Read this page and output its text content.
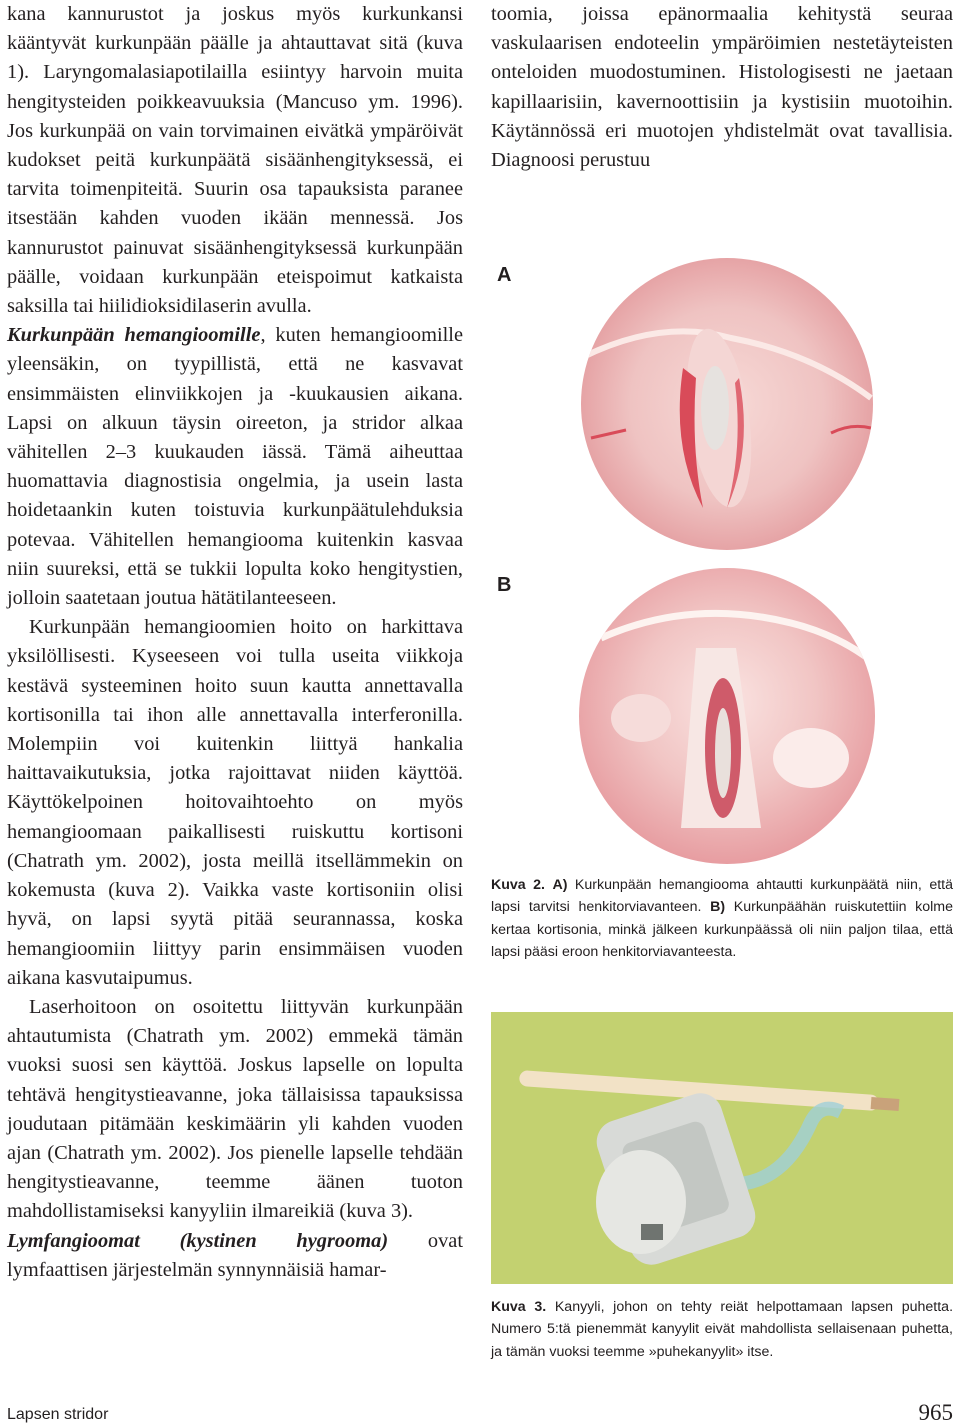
kana kannurustot ja joskus myös kurkunkansi kääntyvät kurkunpään päälle ja ahtauttavat sitä (kuva 1). Laryngomalasiapotilailla esiintyy harvoin muita hengitysteiden poikkeavuuksia (Mancuso ym. 1996). Jos kurkunpää on vain torvimainen eivätkä ympäröivät kudokset peitä kurkunpäätä sisäänhengityksessä, ei tarvita toimenpiteitä. Suurin osa tapauksista paranee itsestään kahden vuoden ikään mennessä. Jos kannurustot painuvat sisäänhengityksessä kurkunpään päälle, voidaan kurkunpään eteispoimut katkaista saksilla tai hiilidioksidilaserin avulla.

Kurkunpään hemangioomille, kuten hemangioomille yleensäkin, on tyypillistä, että ne kasvavat ensimmäisten elinviikkojen ja -kuukausien aikana. Lapsi on alkuun täysin oireeton, ja stridor alkaa vähitellen 2–3 kuukauden iässä. Tämä aiheuttaa huomattavia diagnostisia ongelmia, ja usein lasta hoidetaankin kuten toistuvia kurkunpäätulehduksia potevaa. Vähitellen hemangiooma kuitenkin kasvaa niin suureksi, että se tukkii lopulta koko hengitystien, jolloin saatetaan joutua hätätilanteeseen.

Kurkunpään hemangioomien hoito on harkittava yksilöllisesti. Kyseeseen voi tulla useita viikkoja kestävä systeeminen hoito suun kautta annettavalla kortisonilla tai ihon alle annettavalla interferonilla. Molempiin voi kuitenkin liittyä hankalia haittavaikutuksia, jotka rajoittavat niiden käyttöä. Käyttökelpoinen hoitovaihtoehto on myös hemangioomaan paikallisesti ruiskuttu kortisoni (Chatrath ym. 2002), josta meillä itsellämmekin on kokemusta (kuva 2). Vaikka vaste kortisoniin olisi hyvä, on lapsi syytä pitää seurannassa, koska hemangioomiin liittyy parin ensimmäisen vuoden aikana kasvutaipumus.

Laserhoitoon on osoitettu liittyvän kurkunpään ahtautumista (Chatrath ym. 2002) emmekä tämän vuoksi suosi sen käyttöä. Joskus lapselle on lopulta tehtävä hengitystieavanne, joka tällaisissa tapauksissa joudutaan pitämään keskimäärin yli kahden vuoden ajan (Chatrath ym. 2002). Jos pienelle lapselle tehdään hengitystieavanne, teemme äänen tuoton mahdollistamiseksi kanyyliin ilmareikiä (kuva 3).

Lymfangioomat (kystinen hygrooma) ovat lymfaattisen järjestelmän synnynnäisiä hamar-

toomia, joissa epänormaalia kehitystä seuraa vaskulaarisen endoteelin ympäröimien nestetäyteisten onteloiden muodostuminen. Histologisesti ne jaetaan kapillaarisiin, kavernoottisiin ja kystisiin muotoihin. Käytännössä eri muotojen yhdistelmät ovat tavallisia. Diagnoosi perustuu

A
B

Kuva 2. A) Kurkunpään hemangiooma ahtautti kurkunpäätä niin, että lapsi tarvitsi henkitorviavanteen. B) Kurkunpäähän ruiskutettiin kolme kertaa kortisonia, minkä jälkeen kurkunpäässä oli niin paljon tilaa, että lapsi pääsi eroon henkitorviavanteesta.

Kuva 3. Kanyyli, johon on tehty reiät helpottamaan lapsen puhetta. Numero 5:tä pienemmät kanyylit eivät mahdollista sellaisenaan puhetta, ja tämän vuoksi teemme »puhekanyylit» itse.

Lapsen stridor	965
